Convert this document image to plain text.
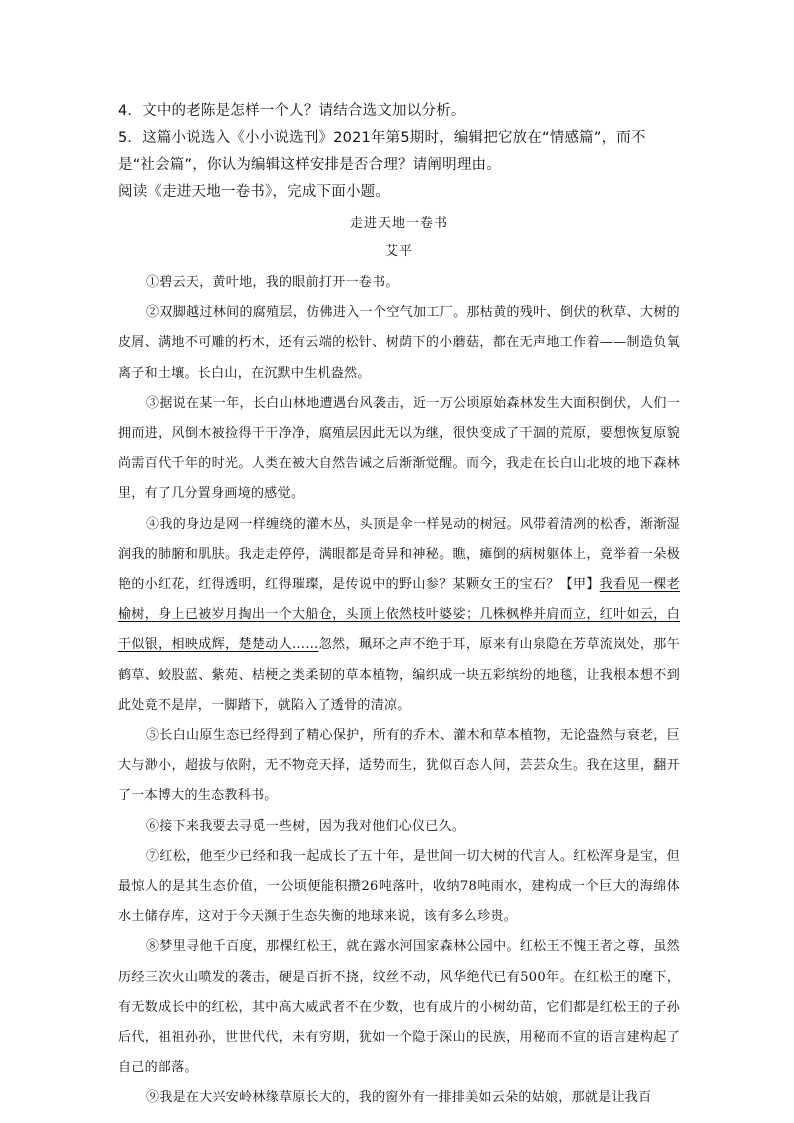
4．文中的老陈是怎样一个人？请结合选文加以分析。

5．这篇小说选入《小小说选刊》2021年第5期时，编辑把它放在“情感篇”，而不是“社会篇”，你认为编辑这样安排是否合理？请阐明理由。

阅读《走进天地一卷书》，完成下面小题。

走进天地一卷书

艾平

①碧云天，黄叶地，我的眼前打开一卷书。

②双脚越过林间的腐殖层，仿佛进入一个空气加工厂。那枯黄的残叶、倒伏的秋草、大树的皮屑、满地不可雕的朽木，还有云端的松针、树荫下的小蘑菇，都在无声地工作着——制造负氧离子和土壤。长白山，在沉默中生机盎然。

③据说在某一年，长白山林地遭遇台风袭击，近一万公顷原始森林发生大面积倒伏，人们一拥而进，风倒木被捡得干干净净，腐殖层因此无以为继，很快变成了干涸的荒原，要想恢复原貌尚需百代千年的时光。人类在被大自然告诫之后渐渐觉醒。而今，我走在长白山北坡的地下森林里，有了几分置身画境的感觉。

④我的身边是网一样缠绕的灌木丛，头顶是伞一样晃动的树冠。风带着清冽的松香，渐渐湿润我的肺腑和肌肤。我走走停停，满眼都是奇异和神秘。瞧，瘫倒的病树躯体上，竟举着一朵极艳的小红花，红得透明，红得璀璨，是传说中的野山参？某颗女王的宝石？【甲】我看见一棵老榆树，身上已被岁月掏出一个大船仓，头顶上依然枝叶婆娑；几株枫桦并肩而立，红叶如云，白干似银，相映成辉，楚楚动人……忽然，珮环之声不绝于耳，原来有山泉隐在芳草流岚处，那午鹤草、蛟股蓝、紫苑、桔梗之类柔韧的草本植物，编织成一块五彩缤纷的地毯，让我根本想不到此处竟不是岸，一脚踏下，就陷入了透骨的清凉。

⑤长白山原生态已经得到了精心保护，所有的乔木、灌木和草本植物，无论盎然与衰老，巨大与渺小，超拔与依附，无不物竞天择，适势而生，犹似百态人间，芸芸众生。我在这里，翻开了一本博大的生态教科书。

⑥接下来我要去寻觅一些树，因为我对他们心仪已久。

⑦红松，他至少已经和我一起成长了五十年，是世间一切大树的代言人。红松浑身是宝，但最惊人的是其生态价值，一公顷便能积攒26吨落叶，收纳78吨雨水，建构成一个巨大的海绵体水土储存库，这对于今天濒于生态失衡的地球来说，该有多么珍贵。

⑧梦里寻他千百度，那棵红松王，就在露水河国家森林公园中。红松王不愧王者之尊，虽然历经三次火山喷发的袭击，硬是百折不挠，纹丝不动，风华绝代已有500年。在红松王的麾下，有无数成长中的红松，其中高大威武者不在少数，也有成片的小树幼苗，它们都是红松王的子孙后代，祖祖孙孙，世世代代，未有穷期，犹如一个隐于深山的民族，用秘而不宣的语言建构起了自己的部落。

⑨我是在大兴安岭林缘草原长大的，我的窗外有一排排美如云朵的姑娘，那就是让我百
